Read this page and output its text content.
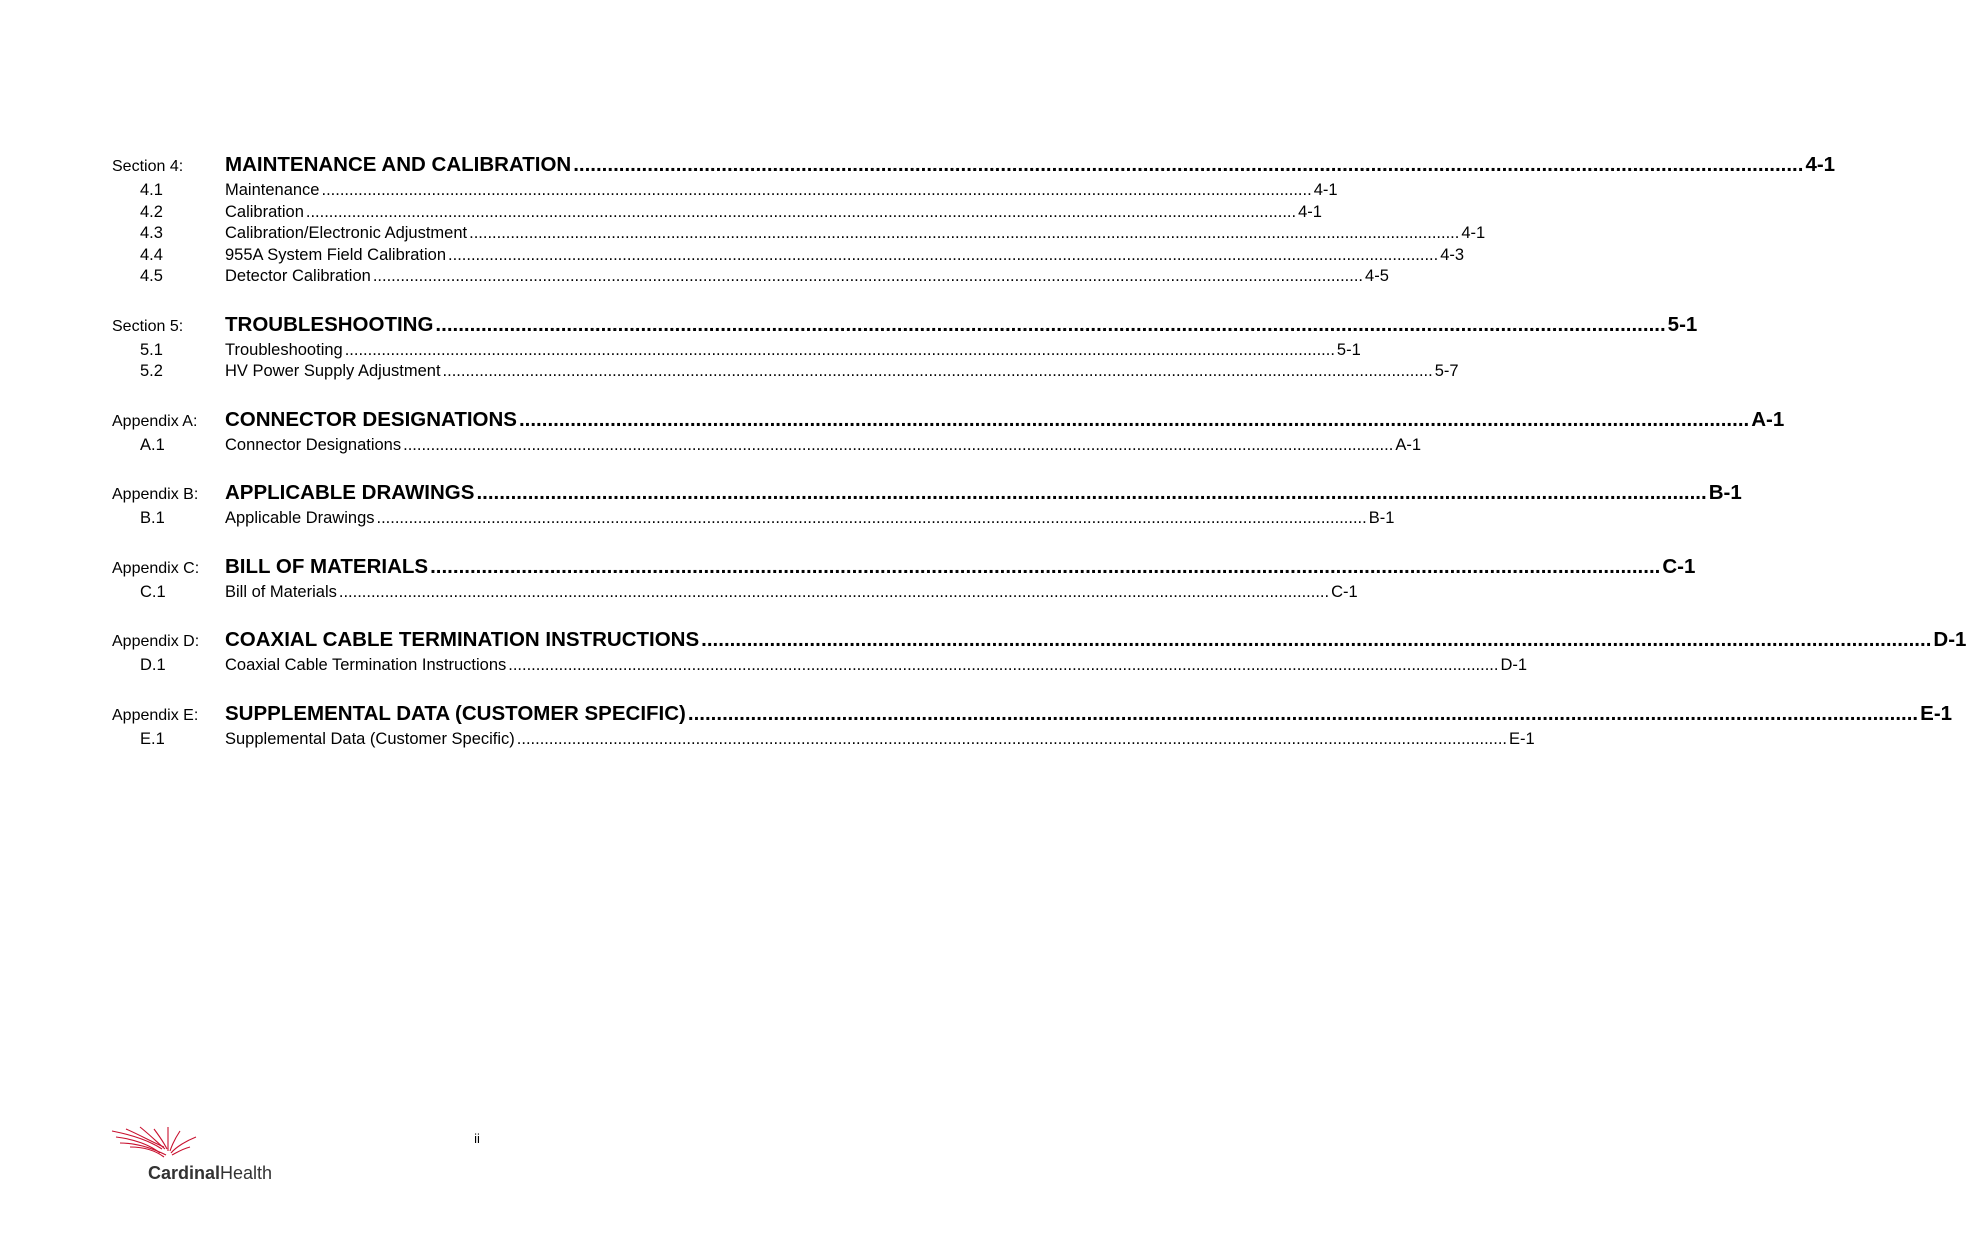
Section 4:	MAINTENANCE AND CALIBRATION .....	4-1
4.1	Maintenance .....	4-1
4.2	Calibration .....	4-1
4.3	Calibration/Electronic Adjustment .....	4-1
4.4	955A System Field Calibration .....	4-3
4.5	Detector Calibration .....	4-5
Section 5:	TROUBLESHOOTING .....	5-1
5.1	Troubleshooting .....	5-1
5.2	HV Power Supply Adjustment .....	5-7
Appendix A:	CONNECTOR DESIGNATIONS .....	A-1
A.1	Connector Designations .....	A-1
Appendix B:	APPLICABLE DRAWINGS .....	B-1
B.1	Applicable Drawings .....	B-1
Appendix C:	BILL OF MATERIALS .....	C-1
C.1	Bill of Materials .....	C-1
Appendix D:	COAXIAL CABLE TERMINATION INSTRUCTIONS .....	D-1
D.1	Coaxial Cable Termination Instructions .....	D-1
Appendix E:	SUPPLEMENTAL DATA (CUSTOMER SPECIFIC) .....	E-1
E.1	Supplemental Data (Customer Specific) .....	E-1
ii
CardinalHealth
